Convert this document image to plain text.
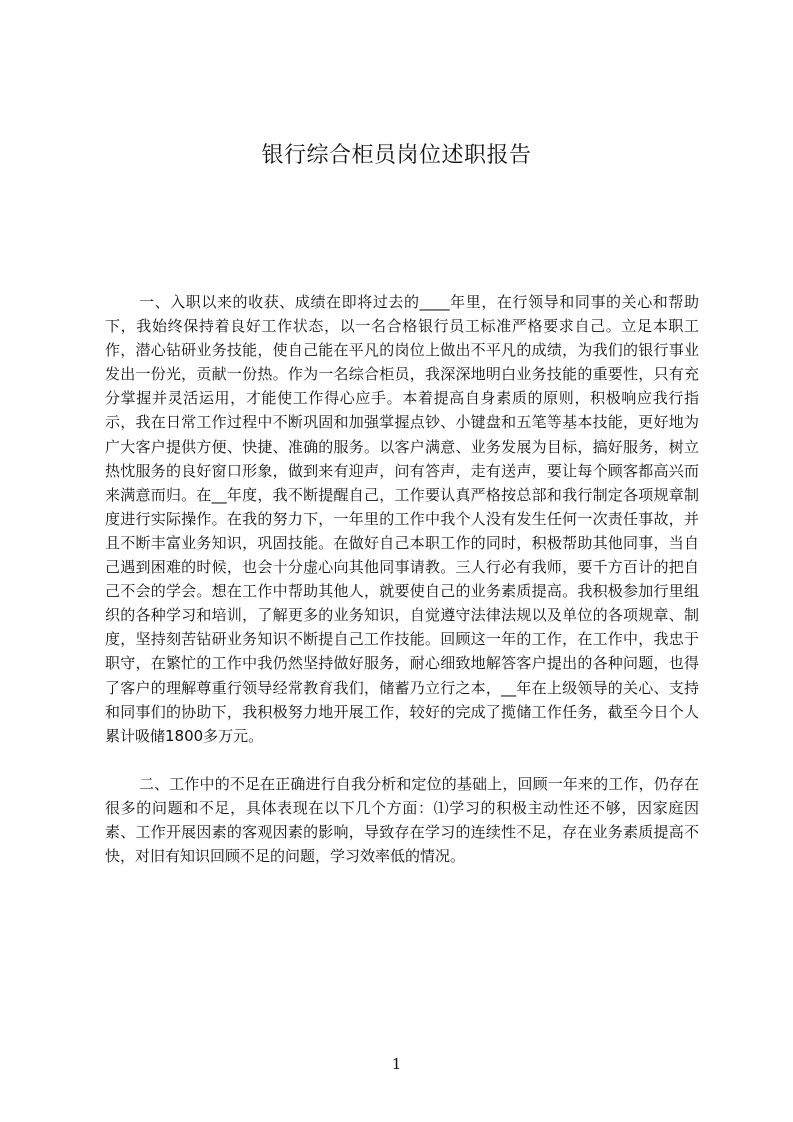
银行综合柜员岗位述职报告

一、入职以来的收获、成绩在即将过去的____年里，在行领导和同事的关心和帮助下，我始终保持着良好工作状态，以一名合格银行员工标准严格要求自己。立足本职工作，潜心钻研业务技能，使自己能在平凡的岗位上做出不平凡的成绩，为我们的银行事业发出一份光，贡献一份热。作为一名综合柜员，我深深地明白业务技能的重要性，只有充分掌握并灵活运用，才能使工作得心应手。本着提高自身素质的原则，积极响应我行指示，我在日常工作过程中不断巩固和加强掌握点钞、小键盘和五笔等基本技能，更好地为广大客户提供方便、快捷、准确的服务。以客户满意、业务发展为目标，搞好服务，树立热忱服务的良好窗口形象，做到来有迎声，问有答声，走有送声，要让每个顾客都高兴而来满意而归。在__年度，我不断提醒自己，工作要认真严格按总部和我行制定各项规章制度进行实际操作。在我的努力下，一年里的工作中我个人没有发生任何一次责任事故，并且不断丰富业务知识，巩固技能。在做好自己本职工作的同时，积极帮助其他同事，当自己遇到困难的时候，也会十分虚心向其他同事请教。三人行必有我师，要千方百计的把自己不会的学会。想在工作中帮助其他人，就要使自己的业务素质提高。我积极参加行里组织的各种学习和培训，了解更多的业务知识，自觉遵守法律法规以及单位的各项规章、制度，坚持刻苦钻研业务知识不断提自己工作技能。回顾这一年的工作，在工作中，我忠于职守，在繁忙的工作中我仍然坚持做好服务，耐心细致地解答客户提出的各种问题，也得了客户的理解尊重行领导经常教育我们，储蓄乃立行之本，__年在上级领导的关心、支持和同事们的协助下，我积极努力地开展工作，较好的完成了揽储工作任务，截至今日个人累计吸储1800多万元。

二、工作中的不足在正确进行自我分析和定位的基础上，回顾一年来的工作，仍存在很多的问题和不足，具体表现在以下几个方面：⑴学习的积极主动性还不够，因家庭因素、工作开展因素的客观因素的影响，导致存在学习的连续性不足，存在业务素质提高不快，对旧有知识回顾不足的问题，学习效率低的情况。

1
